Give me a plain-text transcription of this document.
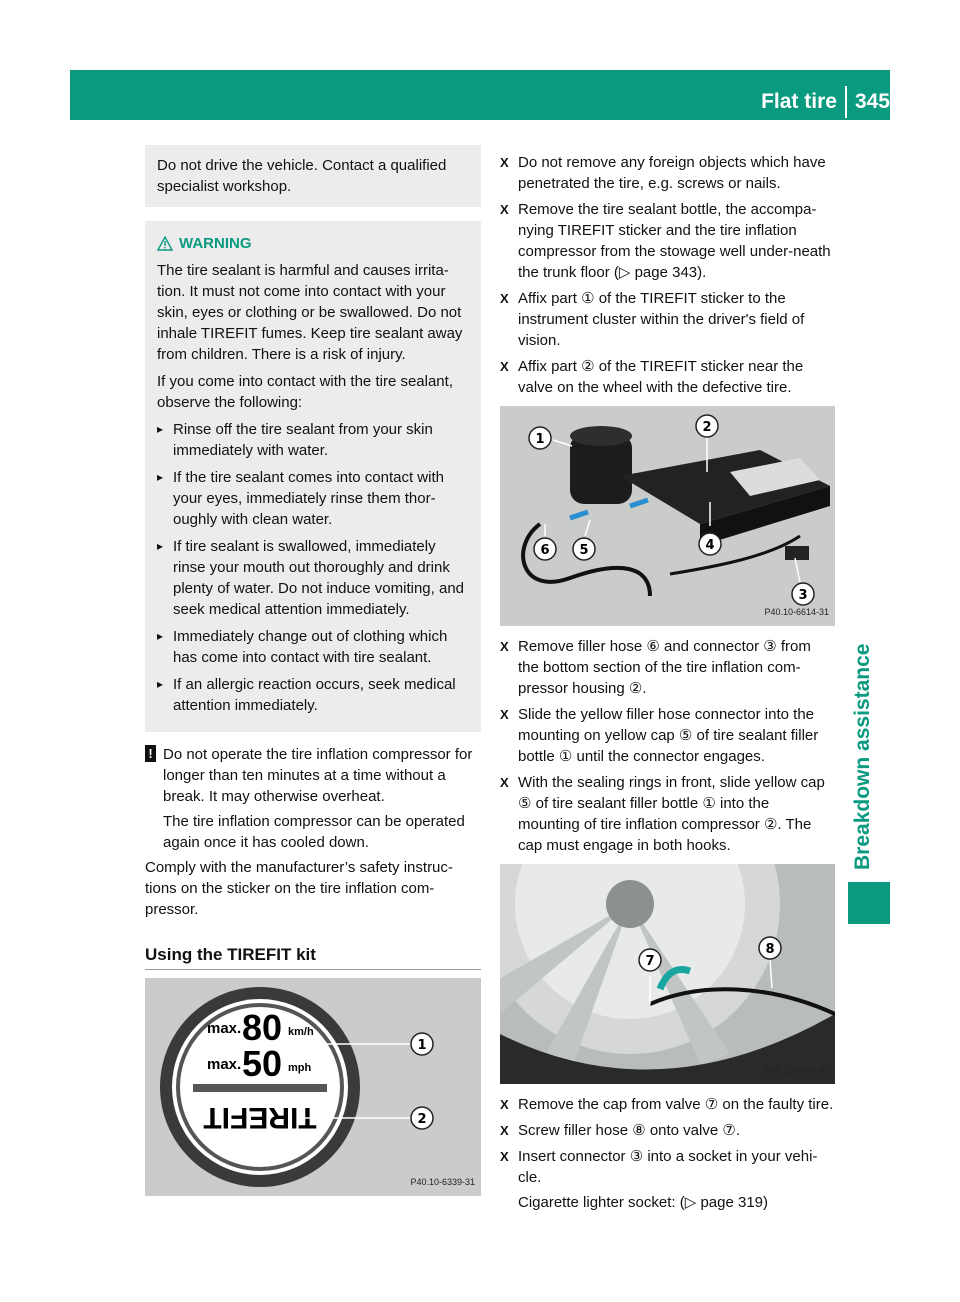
Flat tire 345
Breakdown assistance

Do not drive the vehicle. Contact a qualified specialist workshop.

WARNING

The tire sealant is harmful and causes irrita-tion. It must not come into contact with your skin, eyes or clothing or be swallowed. Do not inhale TIREFIT fumes. Keep tire sealant away from children. There is a risk of injury.

If you come into contact with the tire sealant, observe the following:

▸ Rinse off the tire sealant from your skin immediately with water.
▸ If the tire sealant comes into contact with your eyes, immediately rinse them thor-oughly with clean water.
▸ If tire sealant is swallowed, immediately rinse your mouth out thoroughly and drink plenty of water. Do not induce vomiting, and seek medical attention immediately.
▸ Immediately change out of clothing which has come into contact with tire sealant.
▸ If an allergic reaction occurs, seek medical attention immediately.
! Do not operate the tire inflation compressor for longer than ten minutes at a time without a break. It may otherwise overheat.

The tire inflation compressor can be operated again once it has cooled down.

Comply with the manufacturer’s safety instruc-tions on the sticker on the tire inflation com-pressor.

Using the TIREFIT kit
max. 80 km/h
max. 50 mph
TIREFIT
1
2
P40.10-6339-31
X Do not remove any foreign objects which have penetrated the tire, e.g. screws or nails.
X Remove the tire sealant bottle, the accompa-nying TIREFIT sticker and the tire inflation compressor from the stowage well under-neath the trunk floor (▷ page 343).
X Affix part ① of the TIREFIT sticker to the instrument cluster within the driver's field of vision.
X Affix part ② of the TIREFIT sticker near the valve on the wheel with the defective tire.
1
2
3
4
5
6
P40.10-6614-31
X Remove filler hose ⑥ and connector ③ from the bottom section of the tire inflation com-pressor housing ②.
X Slide the yellow filler hose connector into the mounting on yellow cap ⑤ of tire sealant filler bottle ① until the connector engages.
X With the sealing rings in front, slide yellow cap ⑤ of tire sealant filler bottle ① into the mounting of tire inflation compressor ②. The cap must engage in both hooks.
7
8
P40.10-6635-31
X Remove the cap from valve ⑦ on the faulty tire.
X Screw filler hose ⑧ onto valve ⑦.
X Insert connector ③ into a socket in your vehi-cle.
Cigarette lighter socket: (▷ page 319)
